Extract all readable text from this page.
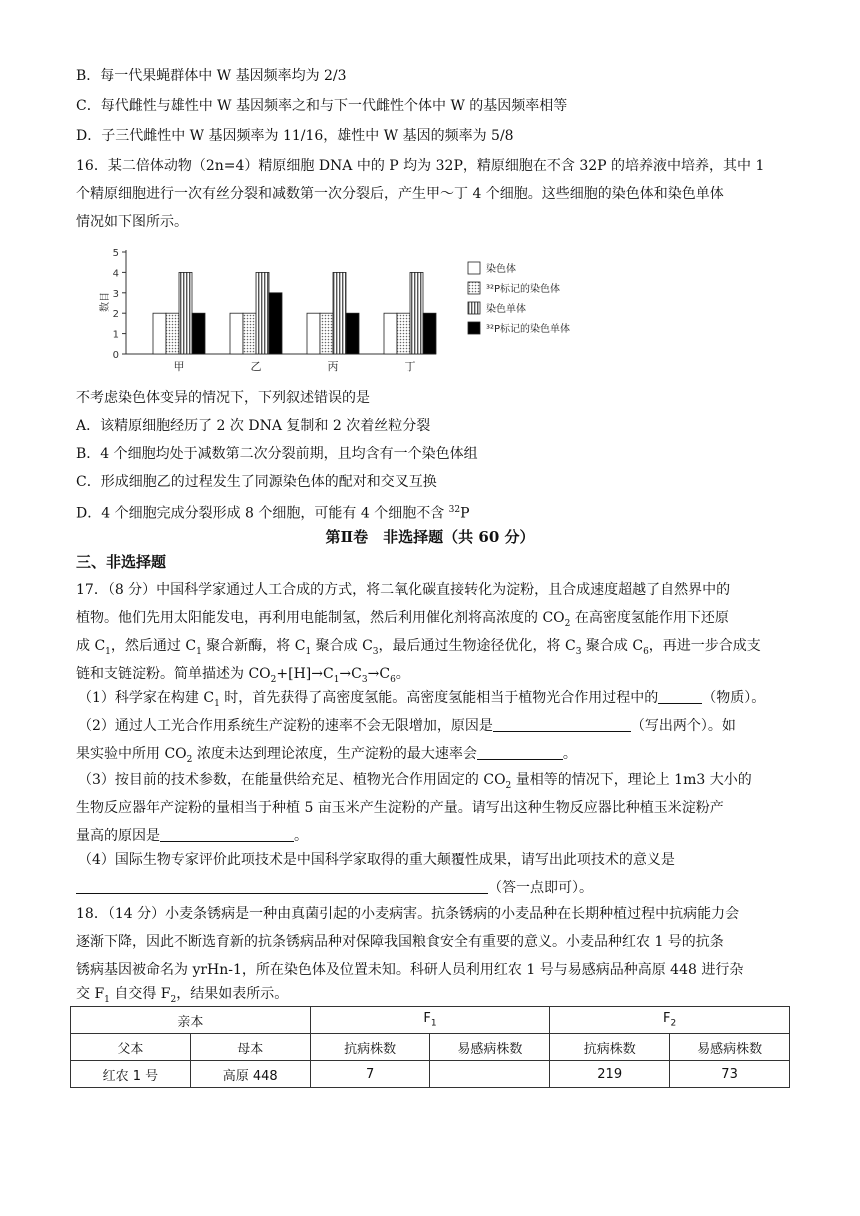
B．每一代果蝇群体中 W 基因频率均为 2/3
C．每代雌性与雄性中 W 基因频率之和与下一代雌性个体中 W 的基因频率相等
D．子三代雌性中 W 基因频率为 11/16，雄性中 W 基因的频率为 5/8
16．某二倍体动物（2n=4）精原细胞 DNA 中的 P 均为 32P，精原细胞在不含 32P 的培养液中培养，其中 1
个精原细胞进行一次有丝分裂和减数第一次分裂后，产生甲～丁 4 个细胞。这些细胞的染色体和染色单体
情况如下图所示。
0
1
2
3
4
5
数目
甲	乙	丙	丁
染色体
³²P标记的染色体
染色单体
³²P标记的染色单体
不考虑染色体变异的情况下，下列叙述错误的是
A．该精原细胞经历了 2 次 DNA 复制和 2 次着丝粒分裂
B．4 个细胞均处于减数第二次分裂前期，且均含有一个染色体组
C．形成细胞乙的过程发生了同源染色体的配对和交叉互换
D．4 个细胞完成分裂形成 8 个细胞，可能有 4 个细胞不含 $^{32}$P
第Ⅱ卷　非选择题（共 60 分）
三、非选择题
17．（8 分）中国科学家通过人工合成的方式，将二氧化碳直接转化为淀粉，且合成速度超越了自然界中的
植物。他们先用太阳能发电，再利用电能制氢，然后利用催化剂将高浓度的 $CO_2$ 在高密度氢能作用下还原
成 $C_1$，然后通过 $C_1$ 聚合新酶，将 $C_1$ 聚合成 $C_3$，最后通过生物途径优化，将 $C_3$ 聚合成 $C_6$，再进一步合成支
链和支链淀粉。简单描述为 $CO_2+[H]\to C_1\to C_3\to C_6$。
（1）科学家在构建 $C_1$ 时，首先获得了高密度氢能。高密度氢能相当于植物光合作用过程中的	（物质）。
（2）通过人工光合作用系统生产淀粉的速率不会无限增加，原因是	（写出两个）。如
果实验中所用 $CO_2$ 浓度未达到理论浓度，生产淀粉的最大速率会	。
（3）按目前的技术参数，在能量供给充足、植物光合作用固定的 $CO_2$ 量相等的情况下，理论上 1m3 大小的
生物反应器年产淀粉的量相当于种植 5 亩玉米产生淀粉的产量。请写出这种生物反应器比种植玉米淀粉产
量高的原因是	。
（4）国际生物专家评价此项技术是中国科学家取得的重大颠覆性成果，请写出此项技术的意义是
（答一点即可）。
18．（14 分）小麦条锈病是一种由真菌引起的小麦病害。抗条锈病的小麦品种在长期种植过程中抗病能力会
逐渐下降，因此不断选育新的抗条锈病品种对保障我国粮食安全有重要的意义。小麦品种红农 1 号的抗条
锈病基因被命名为 yrHn-1，所在染色体及位置未知。科研人员利用红农 1 号与易感病品种高原 448 进行杂
交 $F_1$ 自交得 $F_2$，结果如表所示。
亲本		$F_1$		$F_2$
父本	母本	抗病株数	易感病株数	抗病株数	易感病株数
红农 1 号	高原 448	7		219	73
